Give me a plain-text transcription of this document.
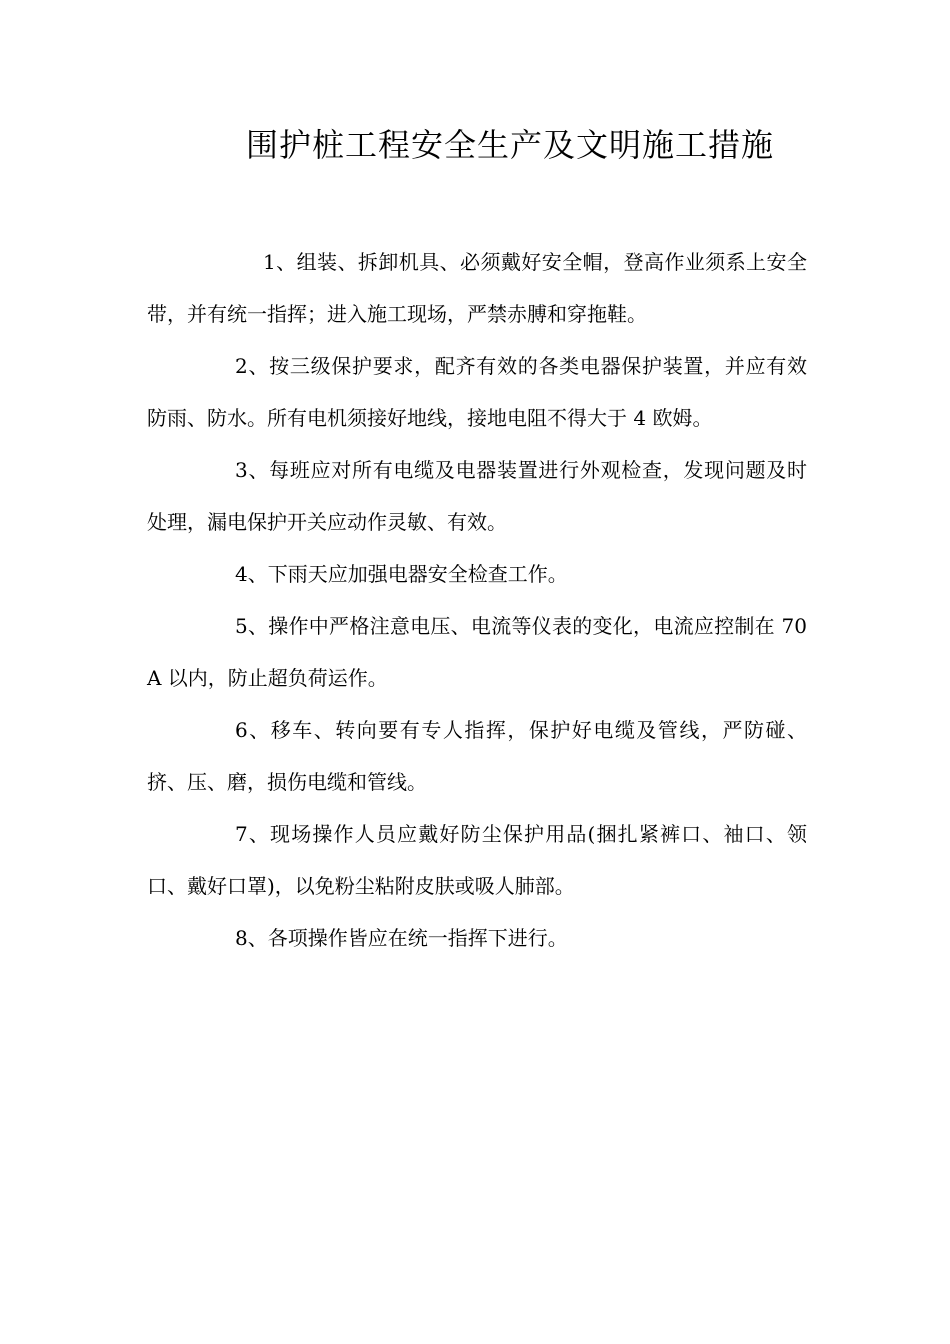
围护桩工程安全生产及文明施工措施

1、组装、拆卸机具、必须戴好安全帽，登高作业须系上安全带，并有统一指挥；进入施工现场，严禁赤膊和穿拖鞋。

2、按三级保护要求，配齐有效的各类电器保护装置，并应有效防雨、防水。所有电机须接好地线，接地电阻不得大于 4 欧姆。

3、每班应对所有电缆及电器装置进行外观检查，发现问题及时处理，漏电保护开关应动作灵敏、有效。

4、下雨天应加强电器安全检查工作。

5、操作中严格注意电压、电流等仪表的变化，电流应控制在 70A 以内，防止超负荷运作。

6、移车、转向要有专人指挥，保护好电缆及管线，严防碰、挤、压、磨，损伤电缆和管线。

7、现场操作人员应戴好防尘保护用品(捆扎紧裤口、袖口、领口、戴好口罩)，以免粉尘粘附皮肤或吸人肺部。

8、各项操作皆应在统一指挥下进行。
